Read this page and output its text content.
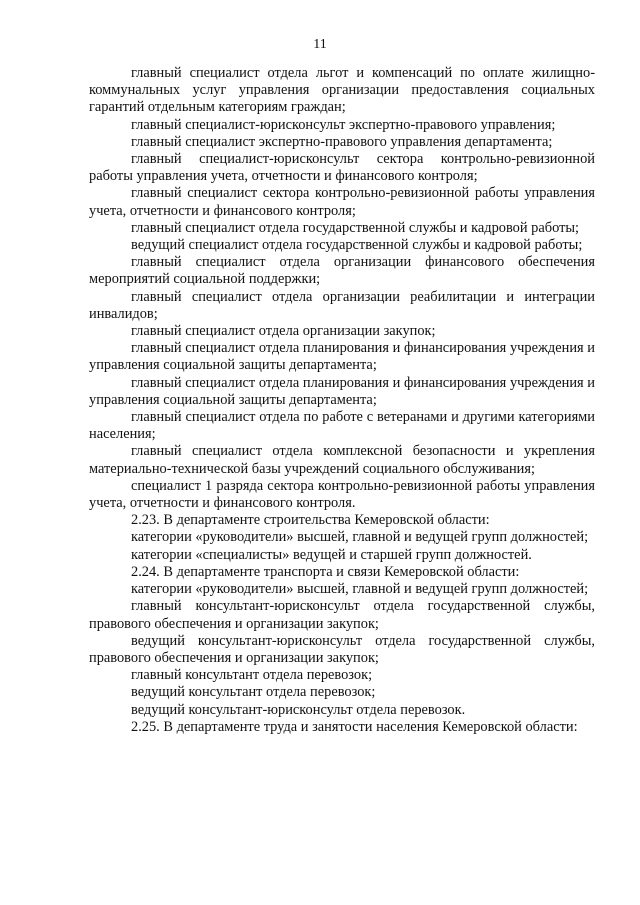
11

главный специалист отдела льгот и компенсаций по оплате жилищно-коммунальных услуг управления организации предоставления социальных гарантий отдельным категориям граждан;

главный специалист-юрисконсульт экспертно-правового управления;

главный специалист экспертно-правового управления департамента;

главный специалист-юрисконсульт сектора контрольно-ревизионной работы управления учета, отчетности и финансового контроля;

главный специалист сектора контрольно-ревизионной работы управления учета, отчетности и финансового контроля;

главный специалист отдела государственной службы и кадровой работы;

ведущий специалист отдела государственной службы и кадровой работы;

главный специалист отдела организации финансового обеспечения мероприятий социальной поддержки;

главный специалист отдела организации реабилитации и интеграции инвалидов;

главный специалист отдела организации закупок;

главный специалист отдела планирования и финансирования учреждения и управления социальной защиты департамента;

главный специалист отдела планирования и финансирования учреждения и управления социальной защиты департамента;

главный специалист отдела по работе с ветеранами и другими категориями населения;

главный специалист отдела комплексной безопасности и укрепления материально-технической базы учреждений социального обслуживания;

специалист 1 разряда сектора контрольно-ревизионной работы управления учета, отчетности и финансового контроля.

2.23. В департаменте строительства Кемеровской области:

категории «руководители» высшей, главной и ведущей групп должностей;

категории «специалисты» ведущей и старшей групп должностей.

2.24. В департаменте транспорта и связи Кемеровской области:

категории «руководители» высшей, главной и ведущей групп должностей;

главный консультант-юрисконсульт отдела государственной службы, правового обеспечения и организации закупок;

ведущий консультант-юрисконсульт отдела государственной службы, правового обеспечения и организации закупок;

главный консультант отдела перевозок;

ведущий консультант отдела перевозок;

ведущий консультант-юрисконсульт отдела перевозок.

2.25. В департаменте труда и занятости населения Кемеровской области:
